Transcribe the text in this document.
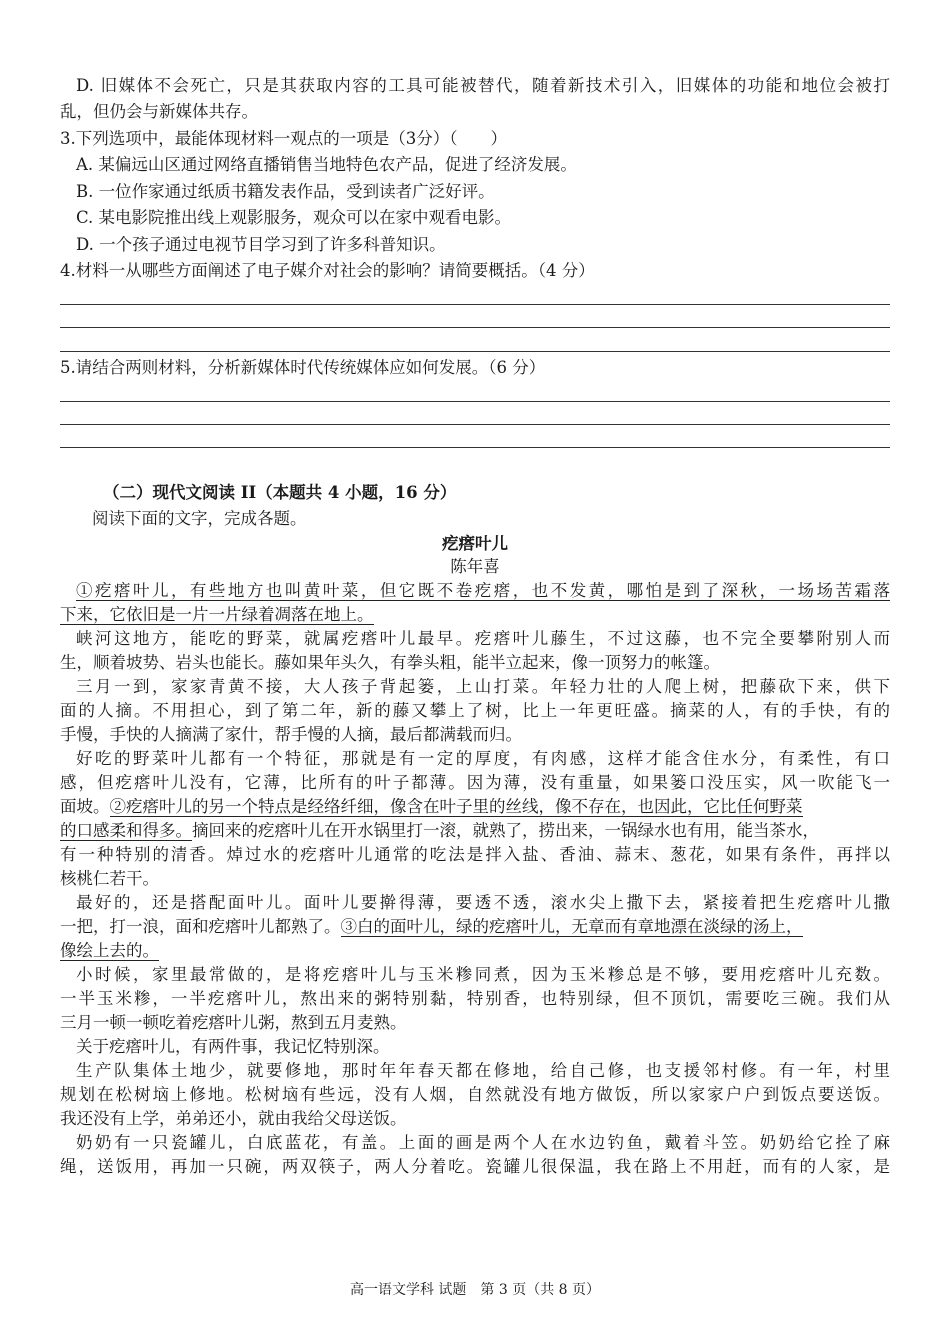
D. 旧媒体不会死亡，只是其获取内容的工具可能被替代，随着新技术引入，旧媒体的功能和地位会被打
乱，但仍会与新媒体共存。
3.下列选项中，最能体现材料一观点的一项是（3分）（　　）
A. 某偏远山区通过网络直播销售当地特色农产品，促进了经济发展。
B. 一位作家通过纸质书籍发表作品，受到读者广泛好评。
C. 某电影院推出线上观影服务，观众可以在家中观看电影。
D. 一个孩子通过电视节目学习到了许多科普知识。
4.材料一从哪些方面阐述了电子媒介对社会的影响？请简要概括。（4 分）
5.请结合两则材料，分析新媒体时代传统媒体应如何发展。（6 分）
（二）现代文阅读 II（本题共 4 小题，16 分）
阅读下面的文字，完成各题。
疙瘩叶儿
陈年喜
①疙瘩叶儿，有些地方也叫黄叶菜，但它既不卷疙瘩，也不发黄，哪怕是到了深秋，一场场苦霜落
下来，它依旧是一片一片绿着凋落在地上。
峡河这地方，能吃的野菜，就属疙瘩叶儿最早。疙瘩叶儿藤生，不过这藤，也不完全要攀附别人而
生，顺着坡势、岩头也能长。藤如果年头久，有拳头粗，能半立起来，像一顶努力的帐篷。
三月一到，家家青黄不接，大人孩子背起篓，上山打菜。年轻力壮的人爬上树，把藤砍下来，供下
面的人摘。不用担心，到了第二年，新的藤又攀上了树，比上一年更旺盛。摘菜的人，有的手快，有的
手慢，手快的人摘满了家什，帮手慢的人摘，最后都满载而归。
好吃的野菜叶儿都有一个特征，那就是有一定的厚度，有肉感，这样才能含住水分，有柔性，有口
感，但疙瘩叶儿没有，它薄，比所有的叶子都薄。因为薄，没有重量，如果篓口没压实，风一吹能飞一
面坡。②疙瘩叶儿的另一个特点是经络纤细，像含在叶子里的丝线，像不存在，也因此，它比任何野菜
的口感柔和得多。摘回来的疙瘩叶儿在开水锅里打一滚，就熟了，捞出来，一锅绿水也有用，能当茶水，
有一种特别的清香。焯过水的疙瘩叶儿通常的吃法是拌入盐、香油、蒜末、葱花，如果有条件，再拌以
核桃仁若干。
最好的，还是搭配面叶儿。面叶儿要擀得薄，要透不透，滚水尖上撒下去，紧接着把生疙瘩叶儿撒
一把，打一浪，面和疙瘩叶儿都熟了。③白的面叶儿，绿的疙瘩叶儿，无章而有章地漂在淡绿的汤上，
像绘上去的。
小时候，家里最常做的，是将疙瘩叶儿与玉米糁同煮，因为玉米糁总是不够，要用疙瘩叶儿充数。
一半玉米糁，一半疙瘩叶儿，熬出来的粥特别黏，特别香，也特别绿，但不顶饥，需要吃三碗。我们从
三月一顿一顿吃着疙瘩叶儿粥，熬到五月麦熟。
关于疙瘩叶儿，有两件事，我记忆特别深。
生产队集体土地少，就要修地，那时年年春天都在修地，给自己修，也支援邻村修。有一年，村里
规划在松树垴上修地。松树垴有些远，没有人烟，自然就没有地方做饭，所以家家户户到饭点要送饭。
我还没有上学，弟弟还小，就由我给父母送饭。
奶奶有一只瓷罐儿，白底蓝花，有盖。上面的画是两个人在水边钓鱼，戴着斗笠。奶奶给它拴了麻
绳，送饭用，再加一只碗，两双筷子，两人分着吃。瓷罐儿很保温，我在路上不用赶，而有的人家，是
高一语文学科 试题　第 3 页（共 8 页）
